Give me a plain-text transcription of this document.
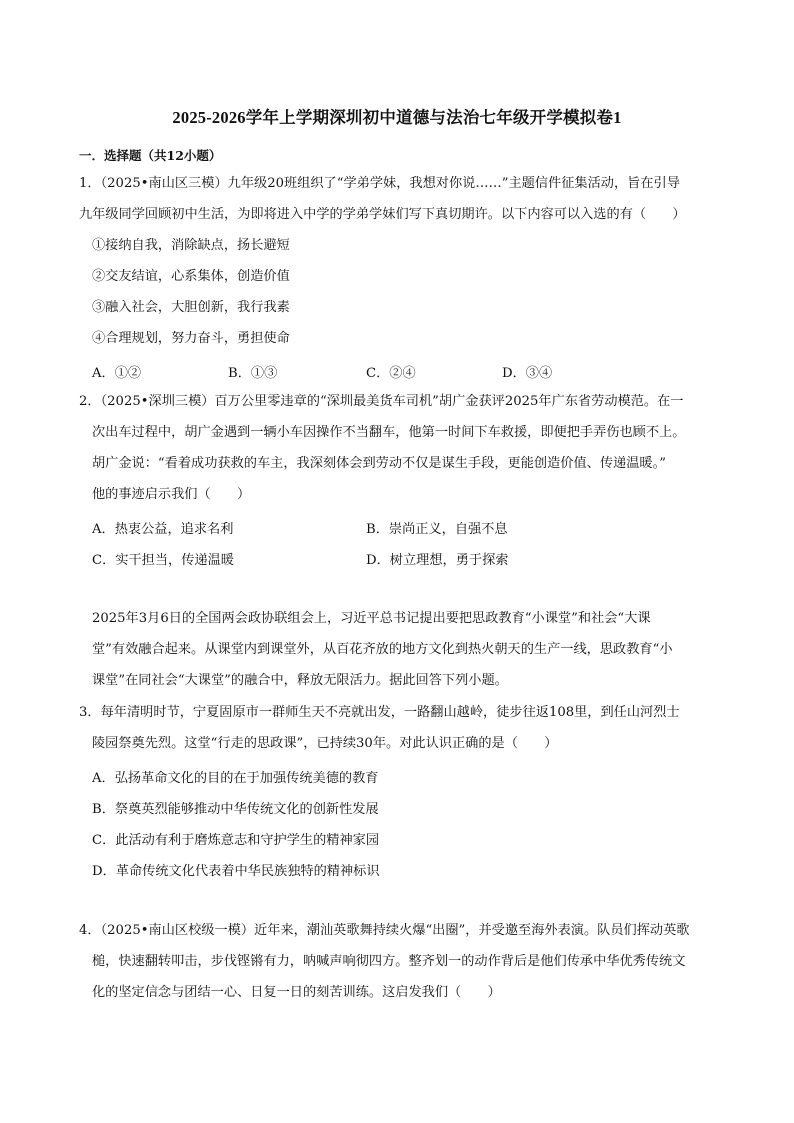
2025-2026学年上学期深圳初中道德与法治七年级开学模拟卷1
一．选择题（共12小题）
1．（2025•南山区三模）九年级20班组织了“学弟学妹，我想对你说……”主题信件征集活动，旨在引导
九年级同学回顾初中生活，为即将进入中学的学弟学妹们写下真切期许。以下内容可以入选的有（　　）
①接纳自我，消除缺点，扬长避短
②交友结谊，心系集体，创造价值
③融入社会，大胆创新，我行我素
④合理规划，努力奋斗，勇担使命
A．①②	B．①③	C．②④	D．③④
2．（2025•深圳三模）百万公里零违章的“深圳最美货车司机”胡广金获评2025年广东省劳动模范。在一
次出车过程中，胡广金遇到一辆小车因操作不当翻车，他第一时间下车救援，即便把手弄伤也顾不上。
胡广金说：“看着成功获救的车主，我深刻体会到劳动不仅是谋生手段，更能创造价值、传递温暖。”
他的事迹启示我们（　　）
A．热衷公益，追求名利	B．崇尚正义，自强不息
C．实干担当，传递温暖	D．树立理想，勇于探索
2025年3月6日的全国两会政协联组会上，习近平总书记提出要把思政教育“小课堂”和社会“大课
堂”有效融合起来。从课堂内到课堂外，从百花齐放的地方文化到热火朝天的生产一线，思政教育“小
课堂”在同社会“大课堂”的融合中，释放无限活力。据此回答下列小题。
3．每年清明时节，宁夏固原市一群师生天不亮就出发，一路翻山越岭，徒步往返108里，到任山河烈士
陵园祭奠先烈。这堂“行走的思政课”，已持续30年。对此认识正确的是（　　）
A．弘扬革命文化的目的在于加强传统美德的教育
B．祭奠英烈能够推动中华传统文化的创新性发展
C．此活动有利于磨炼意志和守护学生的精神家园
D．革命传统文化代表着中华民族独特的精神标识
4．（2025•南山区校级一模）近年来，潮汕英歌舞持续火爆“出圈”，并受邀至海外表演。队员们挥动英歌
槌，快速翻转叩击，步伐铿锵有力，呐喊声响彻四方。整齐划一的动作背后是他们传承中华优秀传统文
化的坚定信念与团结一心、日复一日的刻苦训练。这启发我们（　　）
